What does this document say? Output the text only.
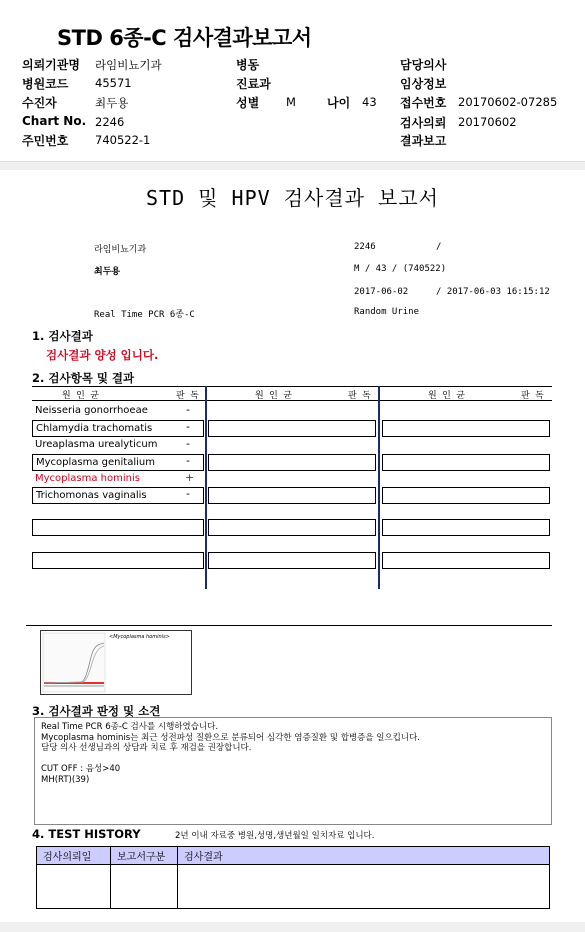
STD 6종-C 검사결과보고서
의뢰기관명 라임비뇨기과
병원코드 45571
수진자	최두용
Chart No. 2246
주민번호 740522-1
병동
진료과
성별 M	나이 43
담당의사
임상정보
접수번호 20170602-07285
검사의뢰 20170602
결과보고
STD 및 HPV 검사결과 보고서
라임비뇨기과	2246	/
최두용	M / 43 / (740522)
2017-06-02	/ 2017-06-03 16:15:12
Real Time PCR 6종-C	Random Urine
1. 검사결과
검사결과 양성 입니다.
2. 검사항목 및 결과
원 인 균	판 독	원 인 균	판 독	원 인 균	판 독
Neisseria gonorrhoeae	-
Chlamydia trachomatis	-
Ureaplasma urealyticum	-
Mycoplasma genitalium	-
Mycoplasma hominis	+
Trichomonas vaginalis	-
<Mycoplasma hominis>
3. 검사결과 판정 및 소견
Real Time PCR 6종-C 검사를 시행하였습니다.
Mycoplasma hominis는 최근 성전파성 질환으로 분류되어 심각한 염증질환 및 합병증을 일으킵니다.
담당 의사 선생님과의 상담과 치료 후 재검을 권장합니다.
CUT OFF : 음성>40
MH(RT)(39)
4. TEST HISTORY	2년 이내 자료중 병원,성명,생년월일 일치자료 입니다.
검사의뢰일	보고서구분	검사결과
